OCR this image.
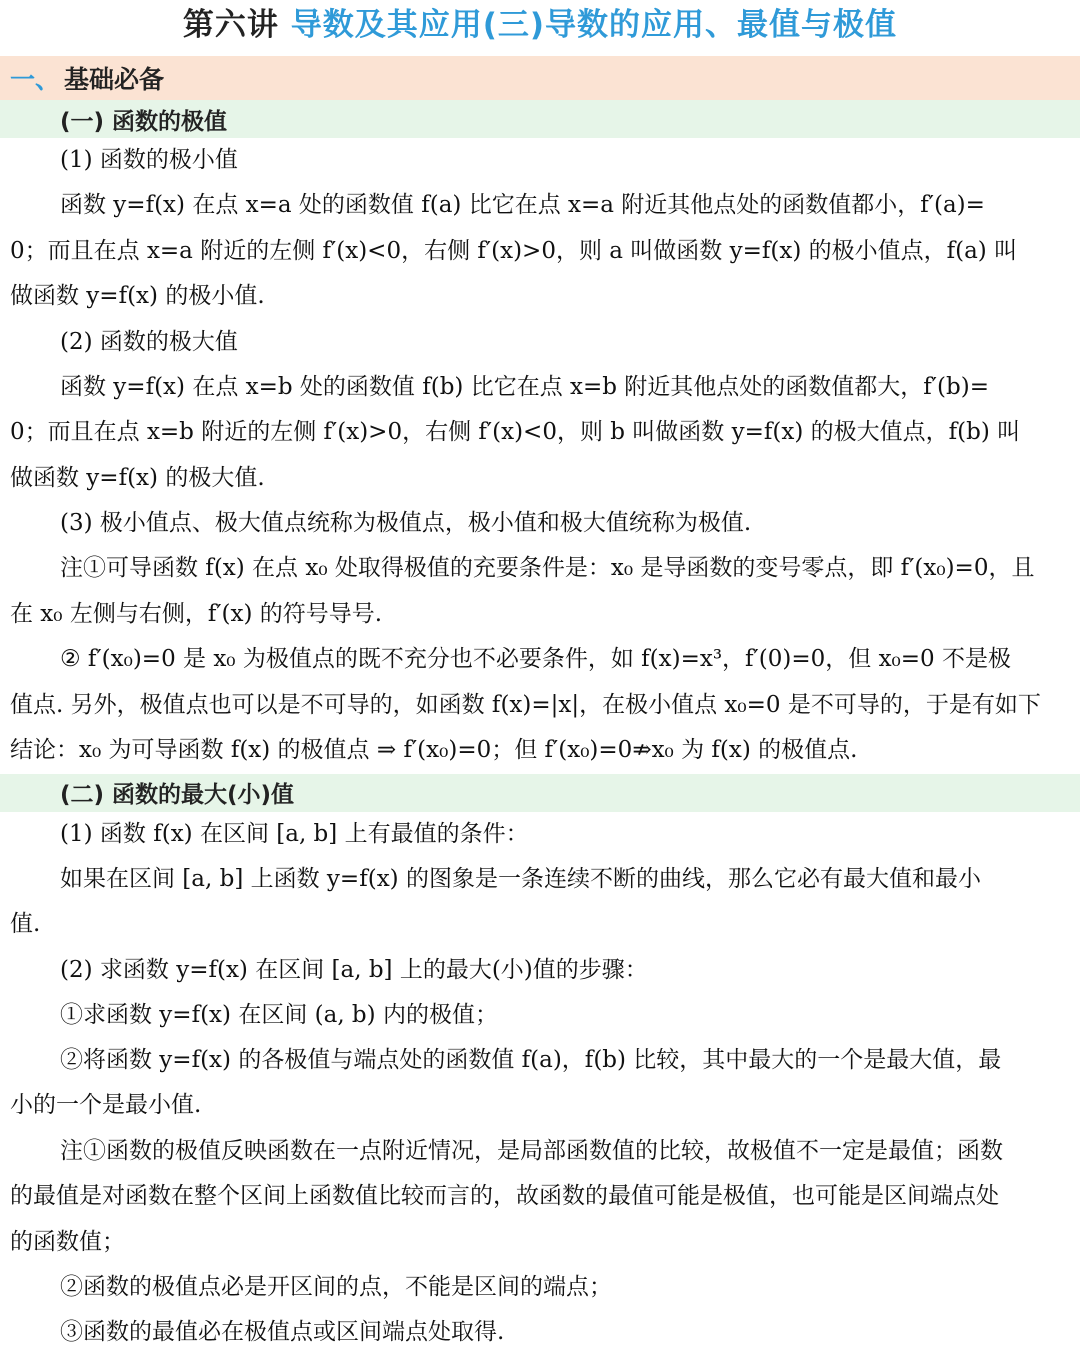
第六讲 导数及其应用(三)导数的应用、最值与极值
一、 基础必备
(一) 函数的极值
(1) 函数的极小值
函数 y=f(x) 在点 x=a 处的函数值 f(a) 比它在点 x=a 附近其他点处的函数值都小，f′(a)=
0；而且在点 x=a 附近的左侧 f′(x)<0，右侧 f′(x)>0，则 a 叫做函数 y=f(x) 的极小值点，f(a) 叫
做函数 y=f(x) 的极小值.
(2) 函数的极大值
函数 y=f(x) 在点 x=b 处的函数值 f(b) 比它在点 x=b 附近其他点处的函数值都大，f′(b)=
0；而且在点 x=b 附近的左侧 f′(x)>0，右侧 f′(x)<0，则 b 叫做函数 y=f(x) 的极大值点，f(b) 叫
做函数 y=f(x) 的极大值.
(3) 极小值点、极大值点统称为极值点，极小值和极大值统称为极值.
注①可导函数 f(x) 在点 x₀ 处取得极值的充要条件是：x₀ 是导函数的变号零点，即 f′(x₀)=0，且
在 x₀ 左侧与右侧，f′(x) 的符号导号.
② f′(x₀)=0 是 x₀ 为极值点的既不充分也不必要条件，如 f(x)=x³，f′(0)=0，但 x₀=0 不是极
值点. 另外，极值点也可以是不可导的，如函数 f(x)=|x|，在极小值点 x₀=0 是不可导的，于是有如下
结论：x₀ 为可导函数 f(x) 的极值点 ⇒ f′(x₀)=0；但 f′(x₀)=0⇏x₀ 为 f(x) 的极值点.
(二) 函数的最大(小)值
(1) 函数 f(x) 在区间 [a, b] 上有最值的条件：
如果在区间 [a, b] 上函数 y=f(x) 的图象是一条连续不断的曲线，那么它必有最大值和最小
值.
(2) 求函数 y=f(x) 在区间 [a, b] 上的最大(小)值的步骤：
①求函数 y=f(x) 在区间 (a, b) 内的极值；
②将函数 y=f(x) 的各极值与端点处的函数值 f(a)，f(b) 比较，其中最大的一个是最大值，最
小的一个是最小值.
注①函数的极值反映函数在一点附近情况，是局部函数值的比较，故极值不一定是最值；函数
的最值是对函数在整个区间上函数值比较而言的，故函数的最值可能是极值，也可能是区间端点处
的函数值；
②函数的极值点必是开区间的点，不能是区间的端点；
③函数的最值必在极值点或区间端点处取得.
